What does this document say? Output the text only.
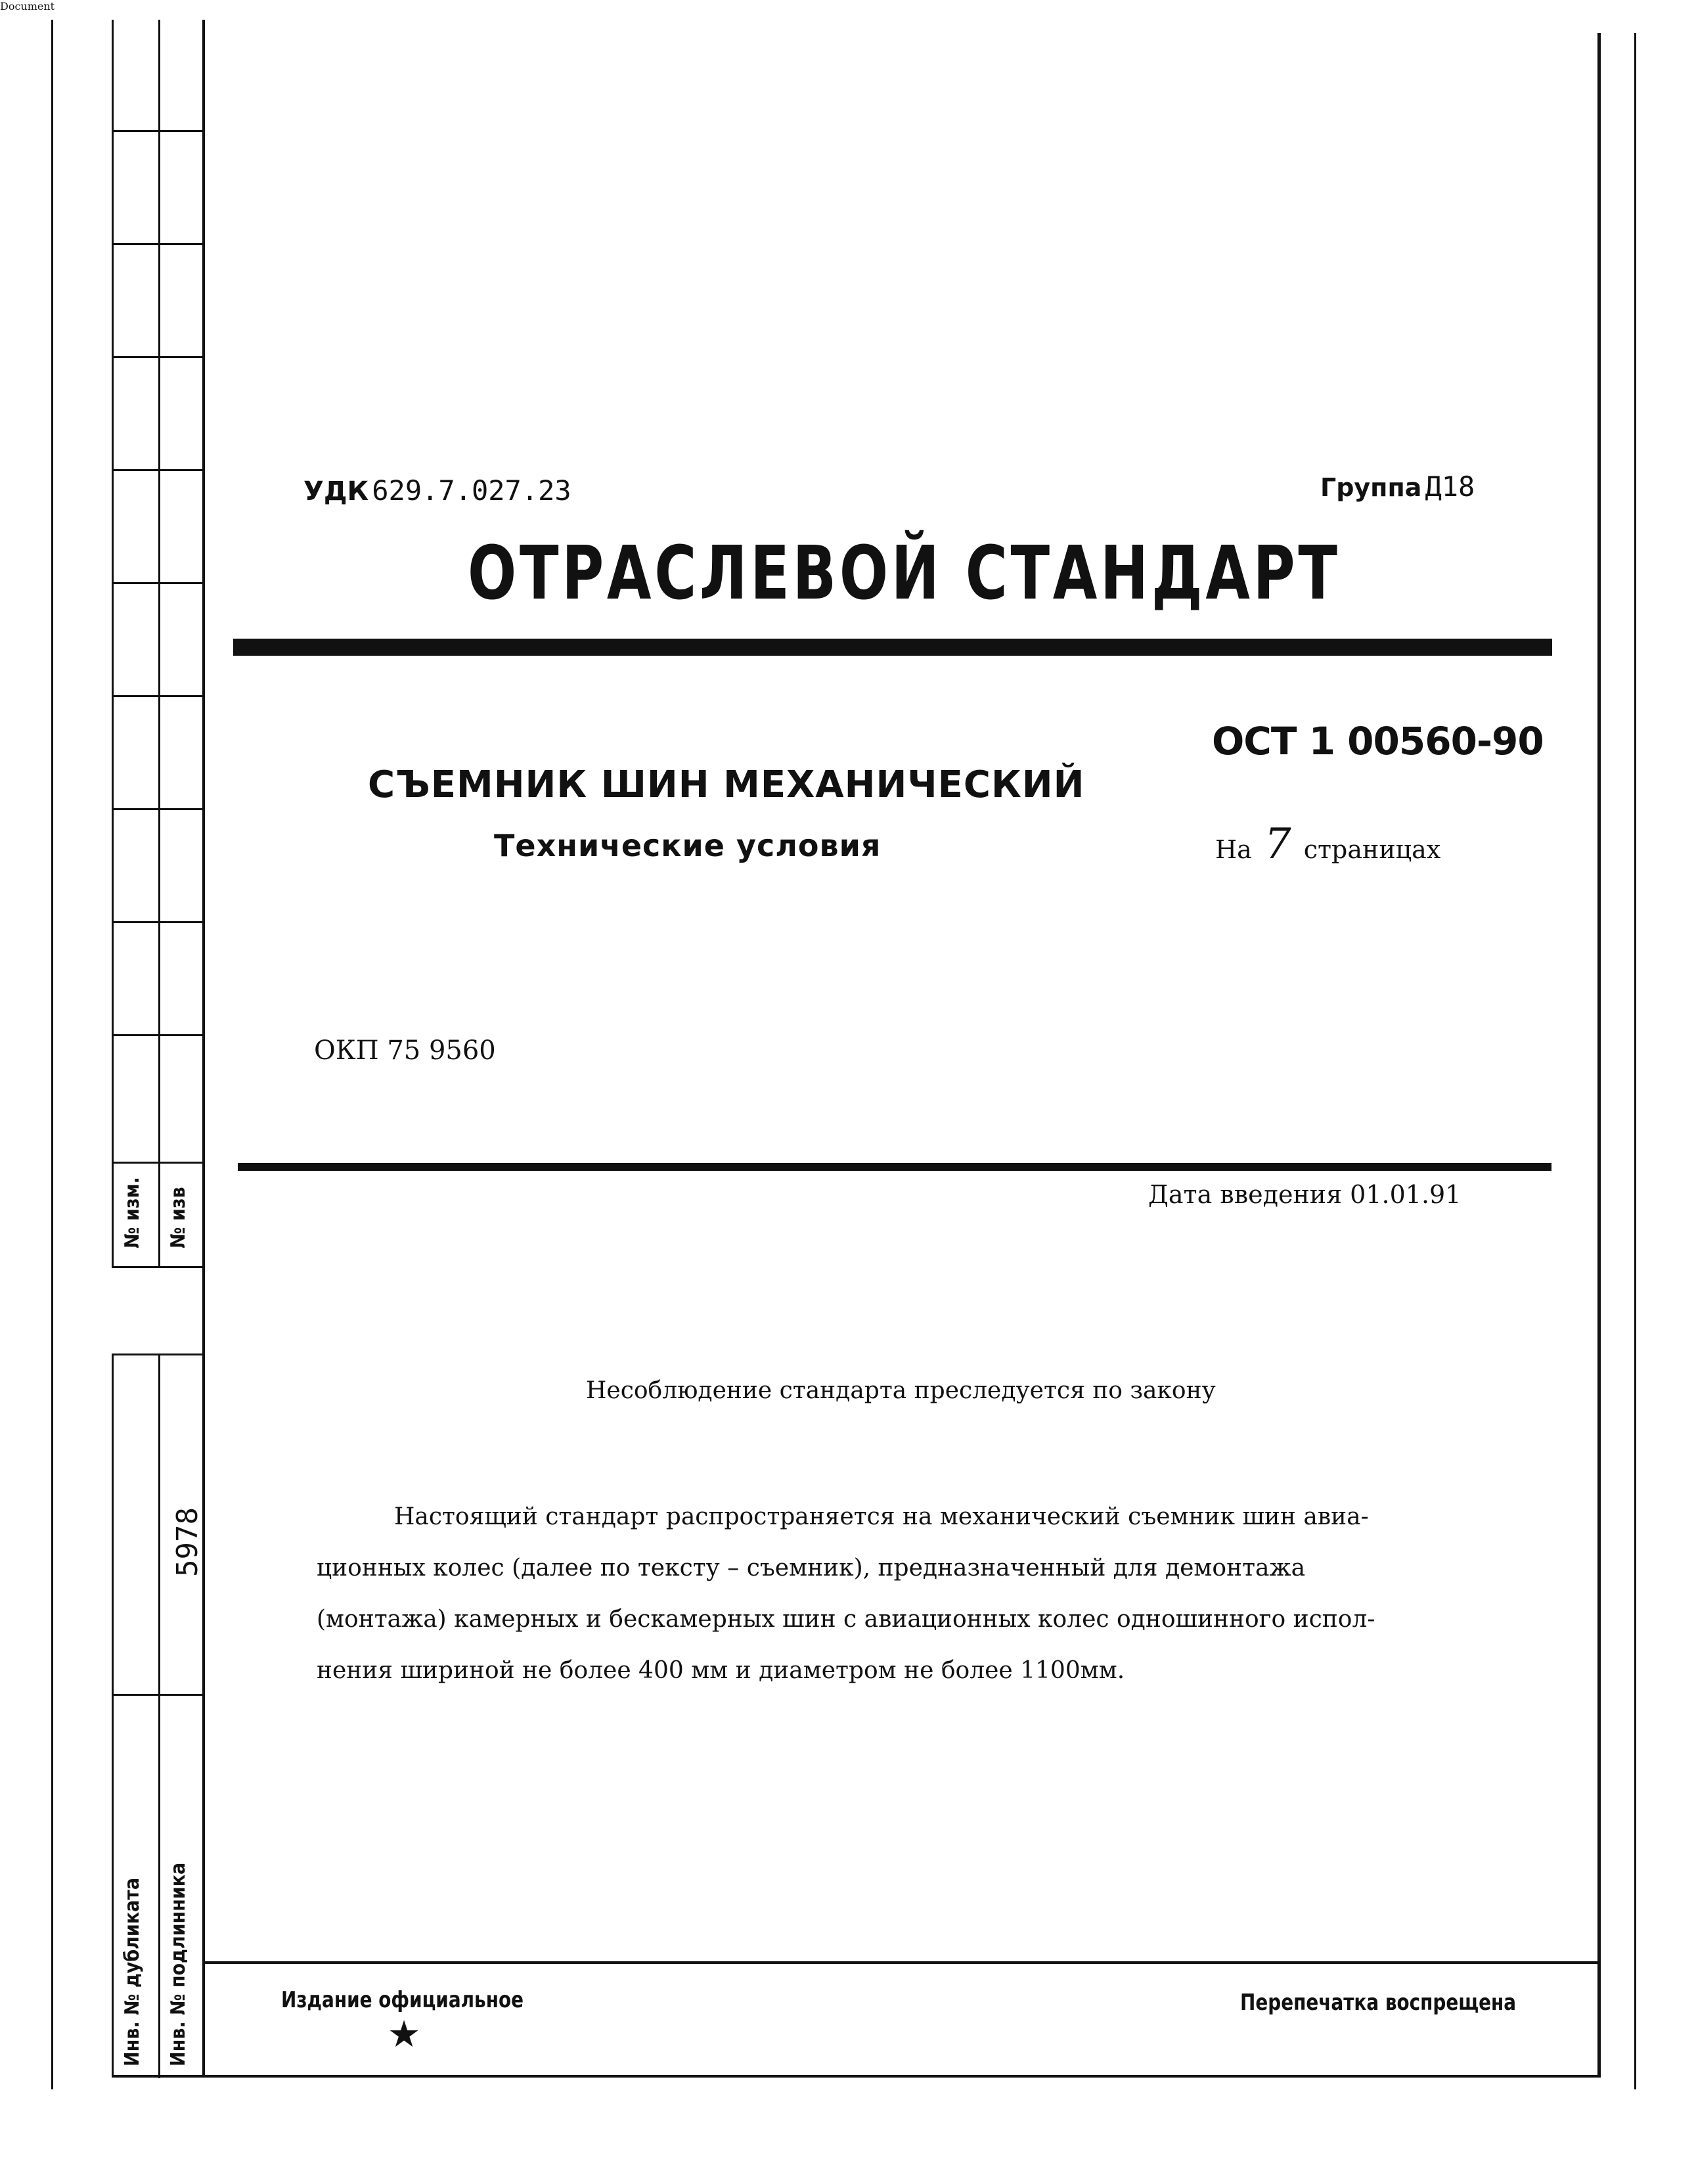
Document
№ изм. № изв
5978
Инв. № дубликата Инв. № подлинника
УДК 629.7.027.23	Группа Д18
ОТРАСЛЕВОЙ СТАНДАРТ
ОСТ 1 00560-90
СЪЕМНИК ШИН МЕХАНИЧЕСКИЙ
Технические условия	На 7 страницах
ОКП 75 9560
Дата введения 01.01.91
Несоблюдение стандарта преследуется по закону
Настоящий стандарт распространяется на механический съемник шин авиа-
ционных колес (далее по тексту – съемник), предназначенный для демонтажа
(монтажа) камерных и бескамерных шин с авиационных колес одношинного испол-
нения шириной не более 400 мм и диаметром не более 1100мм.
Издание официальное
★
Перепечатка воспрещена
